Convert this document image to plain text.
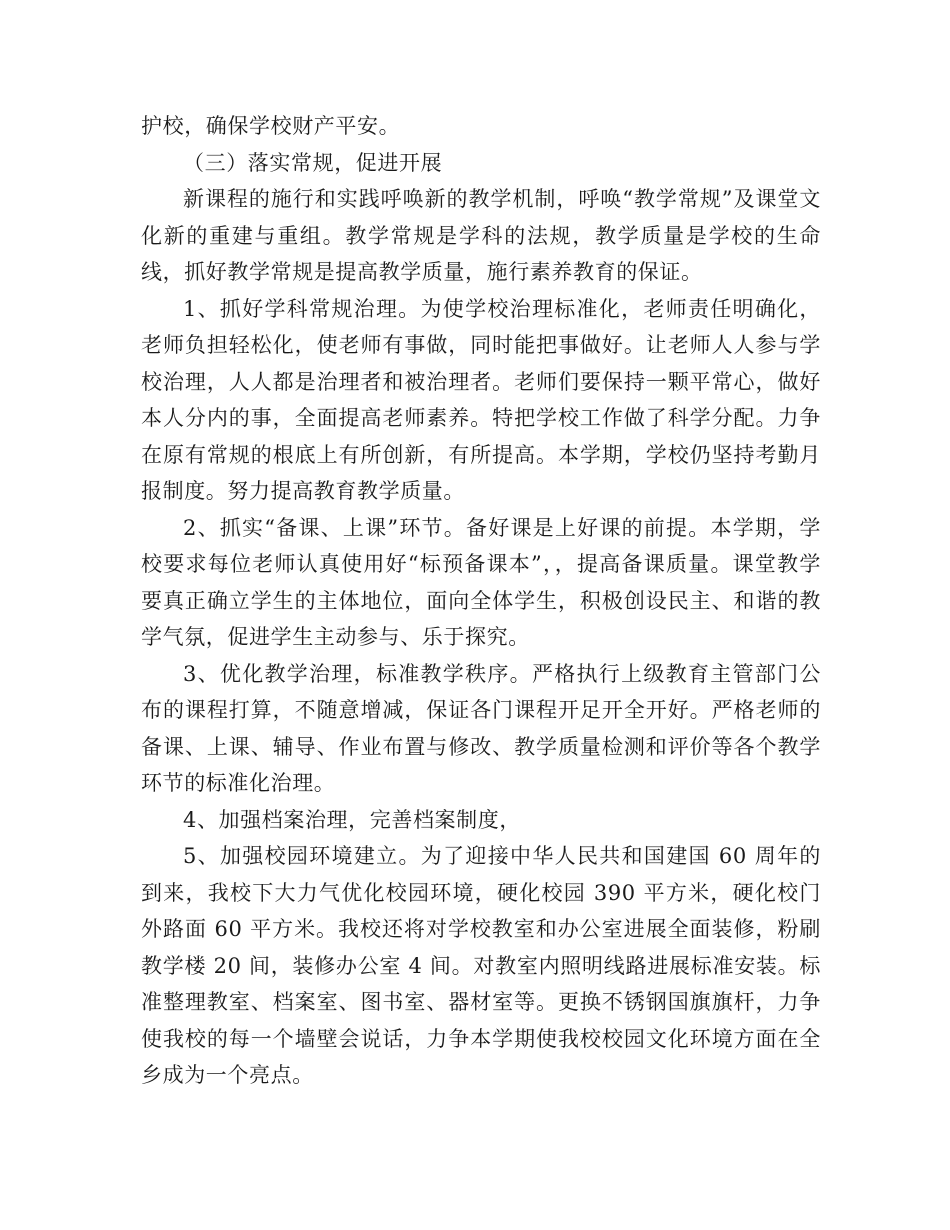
护校，确保学校财产平安。

（三）落实常规，促进开展

新课程的施行和实践呼唤新的教学机制，呼唤“教学常规”及课堂文化新的重建与重组。教学常规是学科的法规，教学质量是学校的生命线，抓好教学常规是提高教学质量，施行素养教育的保证。

1、抓好学科常规治理。为使学校治理标准化，老师责任明确化，老师负担轻松化，使老师有事做，同时能把事做好。让老师人人参与学校治理，人人都是治理者和被治理者。老师们要保持一颗平常心，做好本人分内的事，全面提高老师素养。特把学校工作做了科学分配。力争在原有常规的根底上有所创新，有所提高。本学期，学校仍坚持考勤月报制度。努力提高教育教学质量。

2、抓实“备课、上课”环节。备好课是上好课的前提。本学期，学校要求每位老师认真使用好“标预备课本”，，提高备课质量。课堂教学要真正确立学生的主体地位，面向全体学生，积极创设民主、和谐的教学气氛，促进学生主动参与、乐于探究。

3、优化教学治理，标准教学秩序。严格执行上级教育主管部门公布的课程打算，不随意增减，保证各门课程开足开全开好。严格老师的备课、上课、辅导、作业布置与修改、教学质量检测和评价等各个教学环节的标准化治理。

4、加强档案治理，完善档案制度，

5、加强校园环境建立。为了迎接中华人民共和国建国 60 周年的到来，我校下大力气优化校园环境，硬化校园 390 平方米，硬化校门外路面 60 平方米。我校还将对学校教室和办公室进展全面装修，粉刷教学楼 20 间，装修办公室 4 间。对教室内照明线路进展标准安装。标准整理教室、档案室、图书室、器材室等。更换不锈钢国旗旗杆，力争使我校的每一个墙壁会说话，力争本学期使我校校园文化环境方面在全乡成为一个亮点。
